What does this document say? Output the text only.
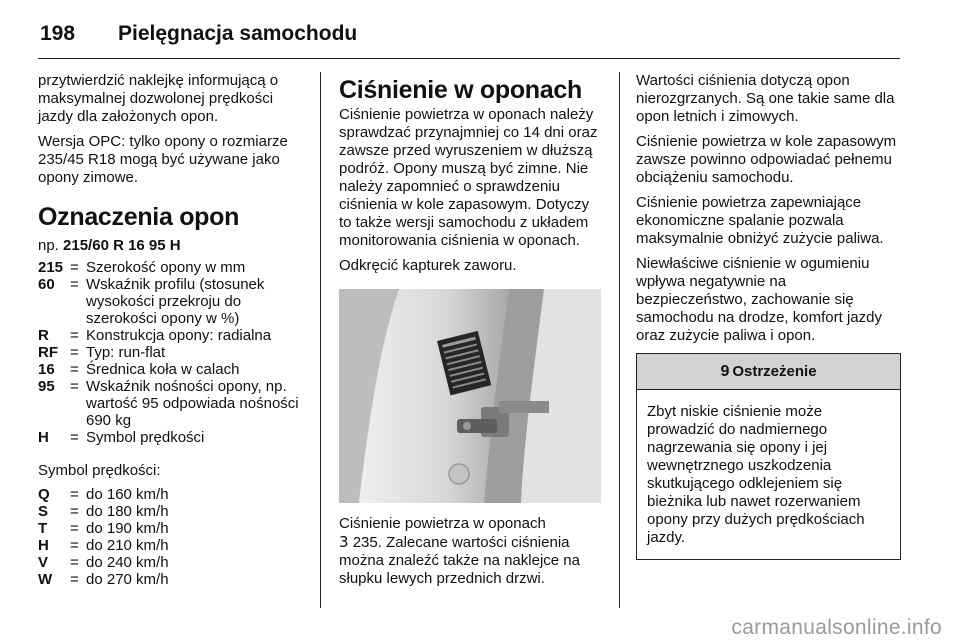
198	Pielęgnacja samochodu

przytwierdzić naklejkę informującą o maksymalnej dozwolonej prędkości jazdy dla założonych opon.

Wersja OPC: tylko opony o rozmiarze 235/45 R18 mogą być używane jako opony zimowe.

Oznaczenia opon

np. 215/60 R 16 95 H

215 = Szerokość opony w mm
60	= Wskaźnik profilu (stosunek wysokości przekroju do szerokości opony w %)
R	= Konstrukcja opony: radialna
RF = Typ: run-flat
16	= Średnica koła w calach
95	= Wskaźnik nośności opony, np. wartość 95 odpowiada nośności 690 kg
H	= Symbol prędkości

Symbol prędkości:

Q	= do 160 km/h
S	= do 180 km/h
T	= do 190 km/h
H	= do 210 km/h
V	= do 240 km/h
W	= do 270 km/h
Ciśnienie w oponach

Ciśnienie powietrza w oponach należy sprawdzać przynajmniej co 14 dni oraz zawsze przed wyruszeniem w dłuższą podróż. Opony muszą być zimne. Nie należy zapomnieć o sprawdzeniu ciśnienia w kole zapasowym. Dotyczy to także wersji samochodu z układem monitorowania ciśnienia w oponach.

Odkręcić kapturek zaworu.

Ciśnienie powietrza w oponach
3 235. Zalecane wartości ciśnienia można znaleźć także na naklejce na słupku lewych przednich drzwi.

Wartości ciśnienia dotyczą opon nierozgrzanych. Są one takie same dla opon letnich i zimowych.

Ciśnienie powietrza w kole zapasowym zawsze powinno odpowiadać pełnemu obciążeniu samochodu.

Ciśnienie powietrza zapewniające ekonomiczne spalanie pozwala maksymalnie obniżyć zużycie paliwa.

Niewłaściwe ciśnienie w ogumieniu wpływa negatywnie na bezpieczeństwo, zachowanie się samochodu na drodze, komfort jazdy oraz zużycie paliwa i opon.

9 Ostrzeżenie
Zbyt niskie ciśnienie może prowadzić do nadmiernego nagrzewania się opony i jej wewnętrznego uszkodzenia skutkującego odklejeniem się bieżnika lub nawet rozerwaniem opony przy dużych prędkościach jazdy.
carmanualsonline.info
